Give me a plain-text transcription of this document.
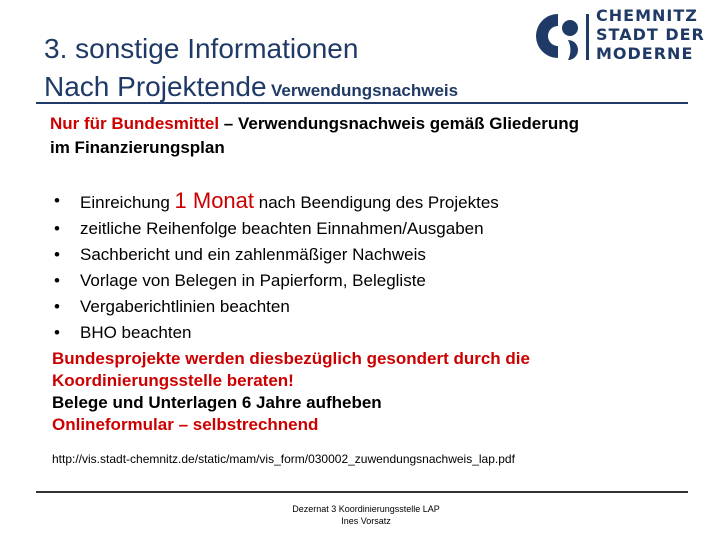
3. sonstige Informationen
Nach Projektende Verwendungsnachweis
CHEMNITZ
STADT DER
MODERNE
Nur für Bundesmittel – Verwendungsnachweis gemäß Gliederung
im Finanzierungsplan
• Einreichung 1 Monat nach Beendigung des Projektes
• zeitliche Reihenfolge beachten Einnahmen/Ausgaben
• Sachbericht und ein zahlenmäßiger Nachweis
• Vorlage von Belegen in Papierform, Belegliste
• Vergaberichtlinien beachten
• BHO beachten
Bundesprojekte werden diesbezüglich gesondert durch die
Koordinierungsstelle beraten!
Belege und Unterlagen 6 Jahre aufheben
Onlineformular – selbstrechnend
http://vis.stadt-chemnitz.de/static/mam/vis_form/030002_zuwendungsnachweis_lap.pdf
Dezernat 3 Koordinierungsstelle LAP
Ines Vorsatz
